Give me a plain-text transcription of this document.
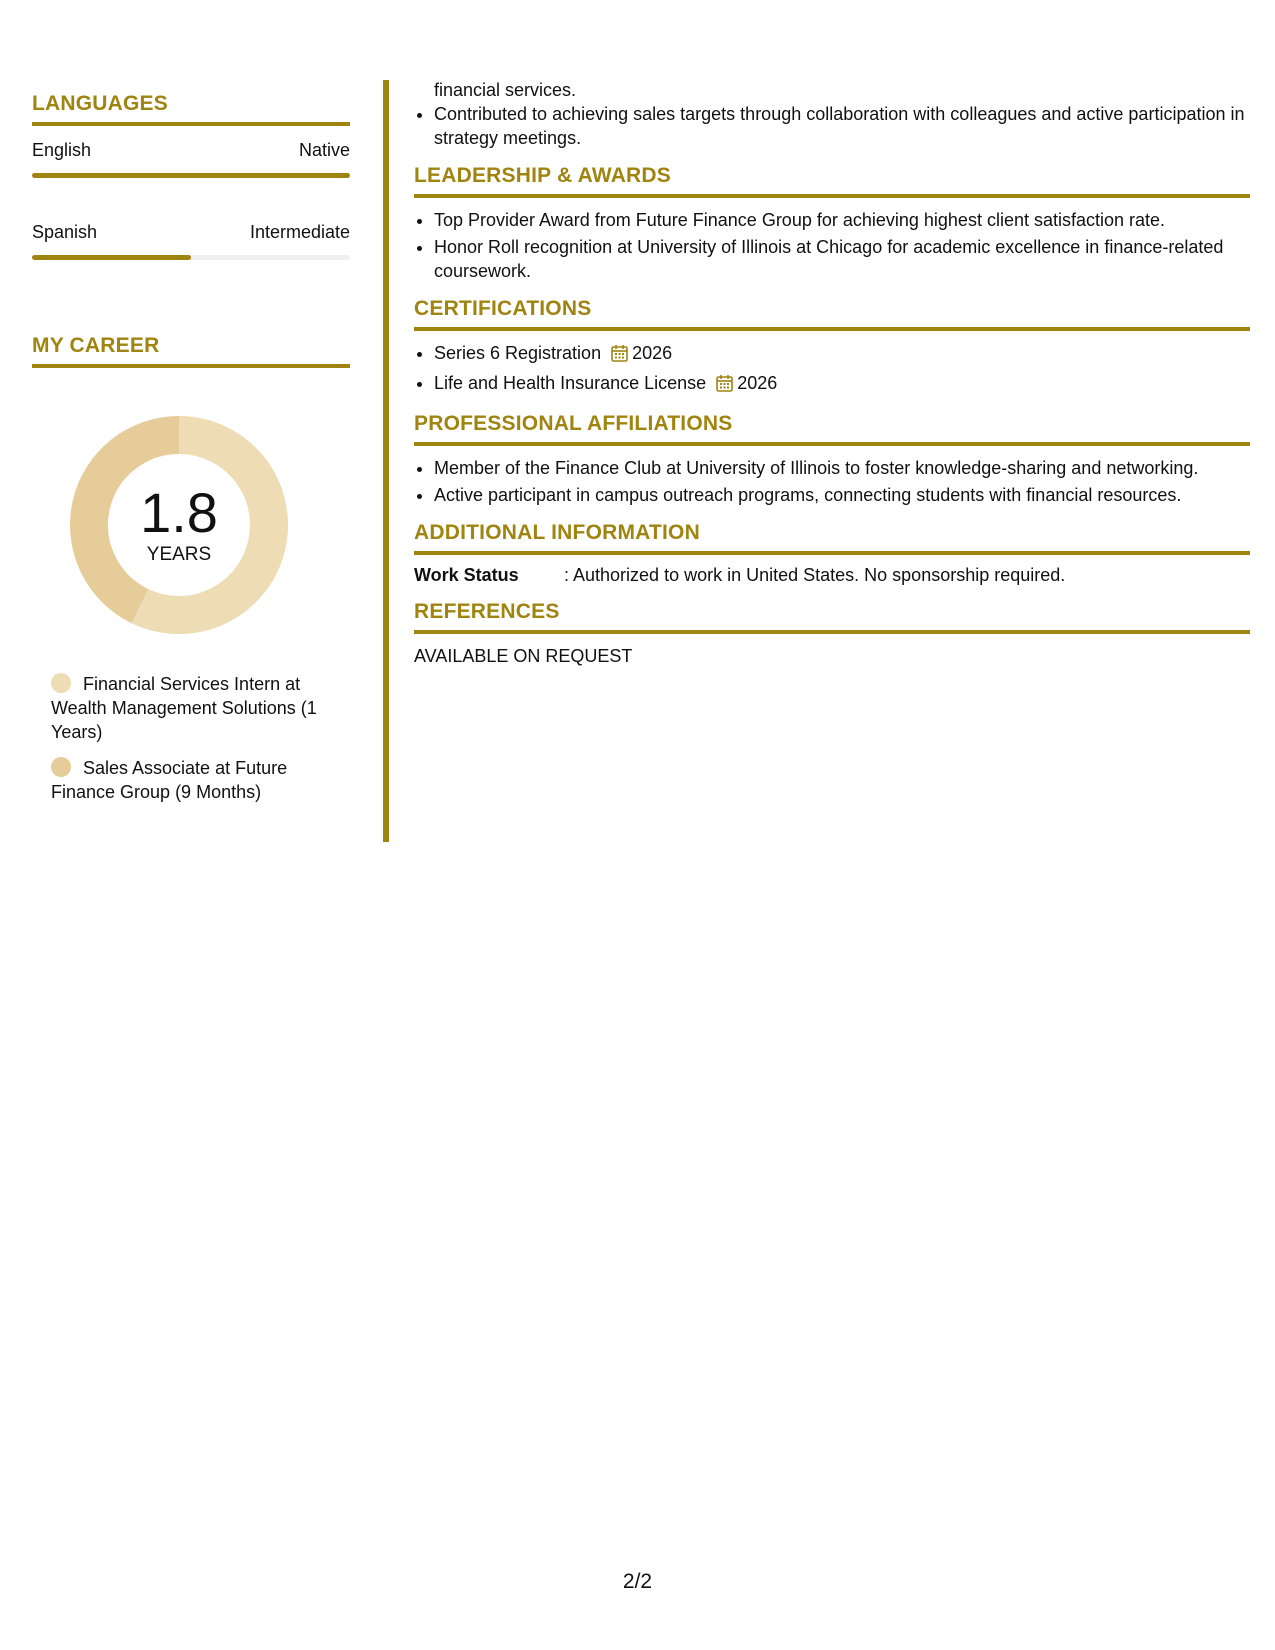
LANGUAGES
English	Native
Spanish	Intermediate
MY CAREER
1.8
YEARS
Financial Services Intern at Wealth Management Solutions (1 Years)
Sales Associate at Future Finance Group (9 Months)
financial services.
• Contributed to achieving sales targets through collaboration with colleagues and active participation in strategy meetings.
LEADERSHIP & AWARDS
• Top Provider Award from Future Finance Group for achieving highest client satisfaction rate.
• Honor Roll recognition at University of Illinois at Chicago for academic excellence in finance-related coursework.
CERTIFICATIONS
• Series 6 Registration 2026
• Life and Health Insurance License 2026
PROFESSIONAL AFFILIATIONS
• Member of the Finance Club at University of Illinois to foster knowledge-sharing and networking.
• Active participant in campus outreach programs, connecting students with financial resources.
ADDITIONAL INFORMATION
Work Status	: Authorized to work in United States. No sponsorship required.
REFERENCES
AVAILABLE ON REQUEST
2/2
